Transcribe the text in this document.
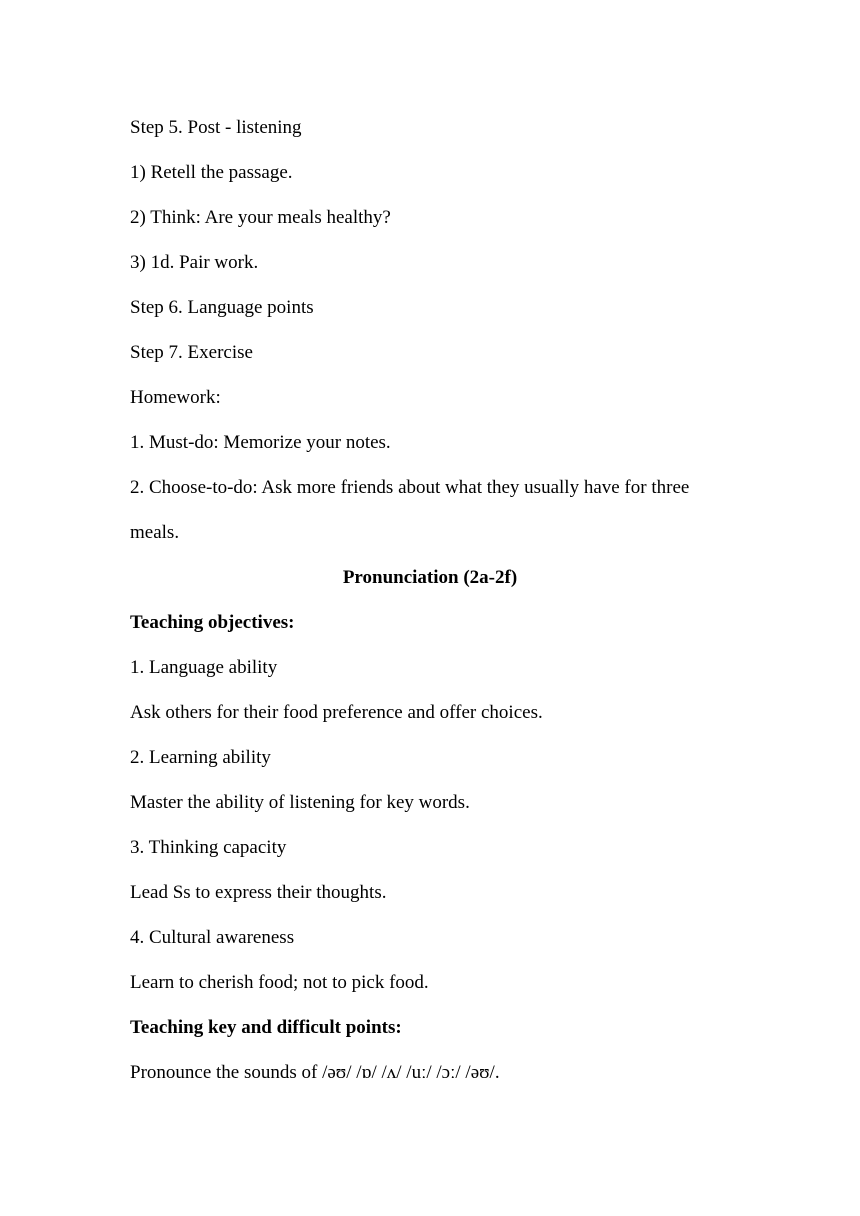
Step 5. Post - listening
1) Retell the passage.
2) Think: Are your meals healthy?
3) 1d. Pair work.
Step 6. Language points
Step 7. Exercise
Homework:
1. Must-do: Memorize your notes.
2. Choose-to-do: Ask more friends about what they usually have for three
meals.
Pronunciation (2a-2f)
Teaching objectives:
1. Language ability
Ask others for their food preference and offer choices.
2. Learning ability
Master the ability of listening for key words.
3. Thinking capacity
Lead Ss to express their thoughts.
4. Cultural awareness
Learn to cherish food; not to pick food.
Teaching key and difficult points:
Pronounce the sounds of /əʊ/ /ɒ/ /ʌ/ /uː/ /ɔː/ /əʊ/.
